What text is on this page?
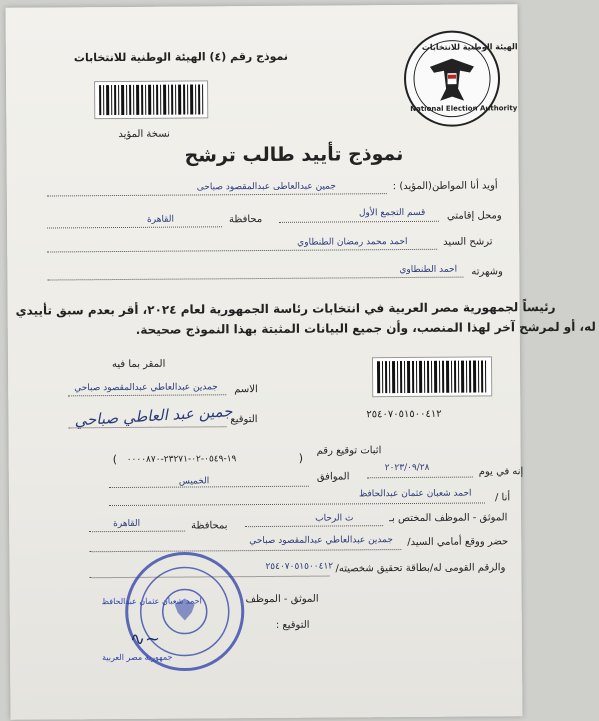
نموذج رقم (٤) الهيئة الوطنية للانتخابات
نسخة المؤيد
الهيئة الوطنية للانتخابات
National Election Authority
نموذج تأييد طالب ترشح
أويد أنا المواطن(المؤيد) :
جمين عبدالعاطى عبدالمقصود صباحى
ومحل إقامتي
قسم التجمع الأول
محافظة
القاهرة
ترشح السيد
احمد محمد رمضان الطنطاوي
وشهرته
احمد الطنطاوي
رئيساً لجمهورية مصر العربية في انتخابات رئاسة الجمهورية لعام ٢٠٢٤، أقر بعدم سبق تأييدي
له، أو لمرشح آخر لهذا المنصب، وأن جميع البيانات المثبتة بهذا النموذج صحيحة.
المقر بما فيه
الاسم
جمدين عبدالعاطي عبدالمقصود صباحي
التوقيع
جمين عبد العاطي صباحي	٢٥٤٠٧٠٥١٥٠٠٤١٢
اثبات توقيع رقم
١٩-٠٥٤٩-٠٢-٢٣٢٧١-٠٠٠٠٨٧٠	(
)
إنه في يوم
٢٠٢٣/٠٩/٢٨
الموافق
الخميس
أنا /
احمد شعبان عثمان عبدالحافظ
الموثق - الموظف المختص بـ
ث الرحاب
بمحافظة
القاهرة
حضر ووقع أمامي السيد/
جمدين عبدالعاطي عبدالمقصود صباحي
والرقم القومى له/بطاقة تحقيق شخصيته/
٢٥٤٠٧٠٥١٥٠٠٤١٢
الموثق - الموظف
التوقيع :
احمد شعبان عثمان عبدالحافظ
جمهورية مصر العربية
∽∿
